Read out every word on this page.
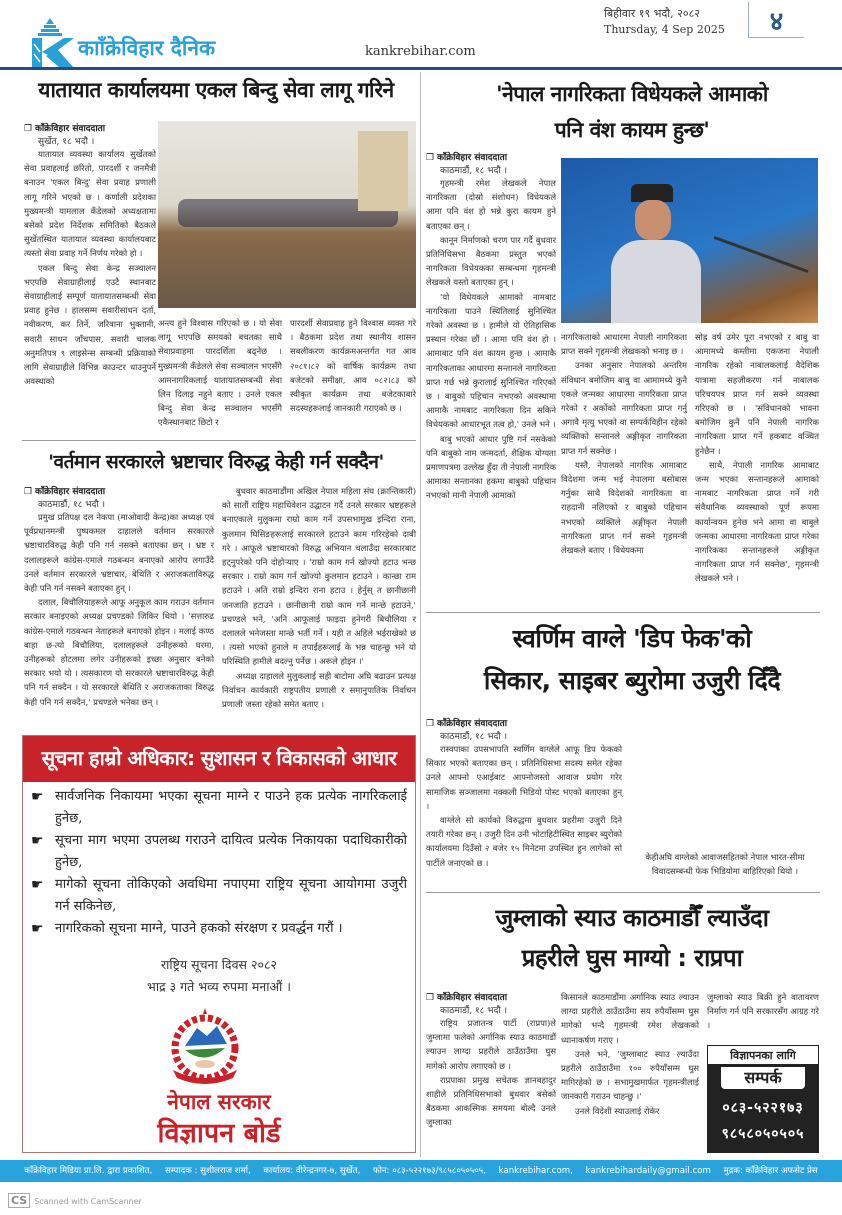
कााँक्रेविहार दैनिक	kankrebihar.com
बिहीवार १९ भदौ, २०८२
Thursday, 4 Sep 2025	४
यातायात कार्यालयमा एकल बिन्दु सेवा लागू गरिने
❐ काँक्रेविहार संवाददाता
सुर्खेत, १८ भदौ ।

यातायात व्यवस्था कार्यालय सुर्खेतको सेवा प्रवाहलाई छरितो, पारदर्शी र जनमैत्री बनाउन 'एकल बिन्दु' सेवा प्रवाह प्रणाली लागू गरिने भएको छ । कर्णाली प्रदेशका मुख्यमन्त्री यामलाल कँडेलको अध्यक्षतामा बसेको प्रदेश निर्देशक समितिको बैठकले सुर्खेतस्थित यातायात व्यवस्था कार्यालयबाट त्यस्तो सेवा प्रवाह गर्ने निर्णय गरेको हो ।

एकल बिन्दु सेवा केन्द्र सञ्चालन भएपछि सेवाग्राहीलाई एउटै स्थानबाट सेवाग्राहीलाई सम्पूर्ण यातायातसम्बन्धी सेवा प्रवाह हुनेछ । हालसम्म सवारीसाधन दर्ता, नवीकरण, कर तिर्ने, जरिवाना भुक्तानी, सवारी साधन जाँचपास, सवारी चालक अनुमतिपत्र ९ लाइसेन्स सम्बन्धी प्रक्रियाको लागि सेवाग्राहीले विभिन्न काउन्टर धाउनुपर्ने अवस्थाको

अन्त्य हुने विश्वास गरिएको छ । यो सेवा लागू भएपछि समयको बचतका साथै सेवाप्रवाहमा पारदर्शिता बढ्नेछ । मुख्यमन्त्री कँडेलले सेवा सञ्चालन भएसँगै आमनागरिकलाई यातायातसम्बन्धी सेवा लिन दिलाइ नहुने बताए । उनले एकल बिन्दु सेवा केन्द्र सञ्चालन भएसँगै एकैस्थानबाट छिटो र
पारदर्शी सेवाप्रवाह हुने विश्वास व्यक्त गरे । बैठकमा प्रदेश तथा स्थानीय शासन सबलीकरण कार्यक्रमअन्तर्गत गत आव २०८१।८२ को वार्षिक कार्यक्रम तथा बजेटको समीक्षा, आव ०८२।८३ को स्वीकृत कार्यक्रम तथा बजेटकाबारे सदस्यहरूलाई जानकारी गराएको छ ।
'वर्तमान सरकारले भ्रष्टाचार विरुद्ध केही गर्न सक्दैन'
❐ काँक्रेविहार संवाददाता
काठमाडौं, १८ भदौ ।

प्रमुख प्रतिपक्ष दल नेकपा (माओवादी केन्द्र)का अध्यक्ष एवं पूर्वप्रधानमन्त्री पुष्पकमल दाहालले वर्तमान सरकारले भ्रष्टाचारविरुद्ध केही पनि गर्न नसक्ने बताएका छन् । भ्रष्ट र दलालहरूले कांग्रेस-एमाले गठबन्धन बनाएको आरोप लगाउँदै उनले वर्तमान सरकारले भ्रष्टाचार, बेथिति र अराजकताविरुद्ध केही पनि गर्न नसक्ने बताएका हुन् ।

दलाल, बिचौलियाहरूले आफू अनुकूल काम गराउन वर्तमान सरकार बनाइएको अध्यक्ष प्रचण्डको जिकिर थियो । 'सत्तारुढ कांग्रेस-एमाले गठबन्धन नेताहरूले बनाएको होइन । मलाई कण्ठ बाहा छ-त्यो बिचौलिया, दलालहरूले उनीहरूको घरमा, उनीहरूको होटलमा लगेर उनीहरूको इच्छा अनुसार बनेको सरकार भयो यो । त्यसकारण यो सरकारले भ्रष्टाचारविरुद्ध केही पनि गर्न सक्दैन । यो सरकारले बेथिति र अराजकताका विरुद्ध केही पनि गर्न सक्दैन,' प्रचण्डले भनेका छन् ।

बुधवार काठमाडौंमा अखिल नेपाल महिला संघ (क्रान्तिकारी) को सातौं राष्ट्रिय महाधिवेशन उद्घाटन गर्दै उनले सरकार भ्रष्टहरूले बनाएकाले मुलुकमा राम्रो काम गर्ने उपसभामुख इन्दिरा राना, कुलमान घिसिङहरूलाई सरकारले हटाउने काम गरिरहेको दाबी गरे । आफूले भ्रष्टाचारको विरुद्ध अभियान चलाउँदा सरकारबाट हट्नुपरेको पनि दोहोऱ्याए । 'राम्रो काम गर्न खोज्यो हटाउ भन्छ सरकार । राम्रो काम गर्न खोज्यो कुलमान हटाउने । कान्छा राम हटाउने । अति राम्रो इन्दिरा राना हटाउ । हेर्नुस् त छानीछानी जनजाति हटाउने । छानीछानी राम्रो काम गर्ने मान्छे हटाउने,' प्रचण्डले भने, 'अनि आफूलाई फाइदा हुनेगरी बिचौलिया र दलालले भनेजस्ता मान्छे भर्ती गर्ने । यही त अहिले भईराखेको छ । त्यसो भएको हुनाले म तपाईंहरूलाई के भन्न चाहन्छु भने यो परिस्थिति हामीले बदल्नु पर्नेछ । अरूले होइन ।'

अध्यक्ष दाहालले मुलुकलाई सही बाटोमा अघि बढाउन प्रत्यक्ष निर्वाचन कार्यकारी राष्ट्रपतीय प्रणाली र समानुपातिक निर्वाचन प्रणाली जस्ता रहेको समेत बताए ।

सूचना हाम्रो अधिकार: सुशासन र विकासको आधार
☛ सार्वजनिक निकायमा भएका सूचना माग्ने र पाउने हक प्रत्येक नागरिकलाई हुनेछ,
☛ सूचना माग भएमा उपलब्ध गराउने दायित्व प्रत्येक निकायका पदाधिकारीको हुनेछ,
☛ मागेको सूचना तोकिएको अवधिमा नपाएमा राष्ट्रिय सूचना आयोगमा उजुरी गर्न सकिनेछ,
☛ नागरिकको सूचना माग्ने, पाउने हकको संरक्षण र प्रवर्द्धन गरौं ।
राष्ट्रिय सूचना दिवस २०८२
भाद्र ३ गते भव्य रुपमा मनाऔं ।
नेपाल सरकार
विज्ञापन बोर्ड
'नेपाल नागरिकता विधेयकले आमाको
पनि वंश कायम हुन्छ'
❐ काँक्रेविहार संवाददाता
काठमाडौं, १८ भदौ ।

गृहमन्त्री रमेश लेखकले नेपाल नागरिकता (दोस्रो संशोधन) विधेयकले आमा पनि वंश हो भन्ने कुरा कायम हुने बताएका छन् ।

कानून निर्माणको चरण पार गर्दै बुधवार प्रतिनिधिसभा बैठकमा प्रस्तुत भएको नागरिकता विधेयकका सम्बन्धमा गृहमन्त्री लेखकले यस्तो बताएका हुन् ।

'यो विधेयकले आमाको नामबाट नागरिकता पाउने स्थितिलाई सुनिश्चित गरेको अवस्था छ । हामीले यो ऐतिहासिक प्रस्थान गरेका छौं । आमा पनि वंश हो । आमाबाट पनि वंश कायम हुन्छ । आमाकै नागरिकताका आधारमा सन्तानले नागरिकता प्राप्त गर्छ भन्ने कुरालाई सुनिश्चित गरिएको छ । बाबुको पहिचान नभएको अवस्थामा आमाकै नामबाट नागरिकता दिन सकिने विधेयकको आधारभूत तत्व हो,' उनले भने ।

बाबु भएको आधार पुष्टि गर्न नसकेको पनि बाबुको नाम जन्मदर्ता, शैक्षिक योग्यता प्रमाणपत्रमा उल्लेख हुँदा ती नेपाली नागरिक आमाका सन्तानका हकमा बाबुको पहिचान नभएको मानी नेपाली आमाको

नागरिकताको आधारमा नेपाली नागरिकता प्राप्त सक्ने गृहमन्त्री लेखकको भनाइ छ ।

उनका अनुसार नेपालको अन्तरिम संविधान बमोजिम बाबु वा आमामध्ये कुनै एकले जन्मका आधारमा नागरिकता प्राप्त गरेको र अर्कोको नागरिकता प्राप्त गर्नु अगावै मृत्यु भएको वा सम्पर्कविहीन रहेको व्यक्तिको सन्तानले अङ्गीकृत नागरिकता प्राप्त गर्न सक्नेछ ।

यस्तै, नेपालको नागरिक आमाबाट विदेशमा जन्म भई नेपालमा बसोबास गर्नुका साथै विदेशको नागरिकता वा राहदानी नलिएको र बाबुको पहिचान नभएको व्यक्तिले अङ्गीकृत नेपाली नागरिकता प्राप्त गर्न सक्ने गृहमन्त्री लेखकले बताए । विधेयकमा

सोह्र वर्ष उमेर पूरा नभएको र बाबु वा आमामध्ये कम्तीमा एकजना नेपाली नागरिक रहेको नाबालकलाई वैदेशिक यात्रामा सहजीकरण गर्न नाबालक परिचयपत्र प्राप्त गर्न सक्ने व्यवस्था गरिएको छ । 'संविधानको भावना बमोजिम कुनै पनि नेपाली नागरिक नागरिकता प्राप्त गर्ने हकबाट वञ्चित हुनेछैन ।

साथै, नेपाली नागरिक आमाबाट जन्म भएका सन्तानहरूले आमाको नामबाट नागरिकता प्राप्त गर्ने गरी संवैधानिक व्यवस्थाको पूर्ण रूपमा कार्यान्वयन हुनेछ भने आमा वा बाबुले जन्मका आधारमा नागरिकता प्राप्त गरेका नागरिकका सन्तानहरूले अङ्गीकृत नागरिकता प्राप्त गर्न सक्नेछ', गृहमन्त्री लेखकले भने ।

स्वर्णिम वाग्ले 'डिप फेक'को
सिकार, साइबर ब्युरोमा उजुरी दिँदै
❐ काँक्रेविहार संवाददाता
काठमाडौं, १८ भदौ ।

रास्वपाका उपसभापति स्वर्णिम वाग्लेले आफू डिप फेकको सिकार भएको बताएका छन् । प्रतिनिधिसभा सदस्य समेत रहेका उनले आफ्नो एआईबाट आफ्नोजस्तो आवाज प्रयोग गरेर सामाजिक सञ्जालमा नक्कली भिडियो पोस्ट भएको बताएका हुन् ।

वाग्लेले सो कार्यको विरुद्धमा बुधवार प्रहरीमा उजुरी दिने तयारी गरेका छन् । उजुरी दिन उनी भोटाहिटीस्थित साइबर ब्युरोको कार्यालयमा दिउँसो २ बजेर १५ मिनेटमा उपस्थित हुन लागेको सो पार्टीले जनाएको छ ।

केहीअघि वाग्लेको आवाजसहितको नेपाल भारत-सीमा विवादसम्बन्धी फेक भिडियोमा बाहिरिएको थियो ।
जुम्लाको स्याउ काठमाडौँ ल्याउँदा
प्रहरीले घुस माग्यो : राप्रपा
❐ काँक्रेविहार संवाददाता
काठमाडौं, १८ भदौ ।

राष्ट्रिय प्रजातन्त्र पार्टी (राप्रपा)ले जुम्लामा फलेको अर्गानिक स्याउ काठमाडौं ल्याउन लाग्दा प्रहरीले ठाउँठाउँमा घुस मागेको आरोप लगाएको छ ।

राप्रपाका प्रमुख सचेतक ज्ञानबहादुर शाहीले प्रतिनिधिसभाको बुधवार बसेको बैठकमा आकस्मिक समयमा बोल्दै उनले जुम्लाका

किसानले काठमाडौंमा अर्गानिक स्याउ ल्याउन लाग्दा प्रहरीले ठाउँठाउँमा सय रुपैयाँसम्म घुस मागेको भन्दै गृहमन्त्री रमेश लेखकको ध्यानाकर्षण गराए ।

उनले भने, 'जुम्लाबाट स्याउ ल्याउँदा प्रहरीले ठाउँठाउँमा १०० रुपैयाँसम्म घुस मागिरहेको छ । सभामुखमार्फत गृहमन्त्रीलाई जानकारी गराउन चाहन्छु ।'

उनले विदेशी स्याउलाई रोकेर

जुम्लाको स्याउ बिक्री हुने वातावरण निर्माण गर्न पनि सरकारसँग आग्रह गरे ।
विज्ञापनका लागि
सम्पर्क
०८३-५२२१७३
९८५८०५०५०५
काँक्रेविहार मिडिया प्रा.लि. द्वारा प्रकाशित, सम्पादक : सुशीलराज शर्मा, कार्यालय: वीरेन्द्रनगर-७, सुर्खेत, फोन: ०८३-५२२१७३/९८५८०५०५०५, kankrebihar.com, kankrebihardaily@gmail.com मुद्रक: काँक्रेविहार अफसेट प्रेस
CS Scanned with CamScanner
